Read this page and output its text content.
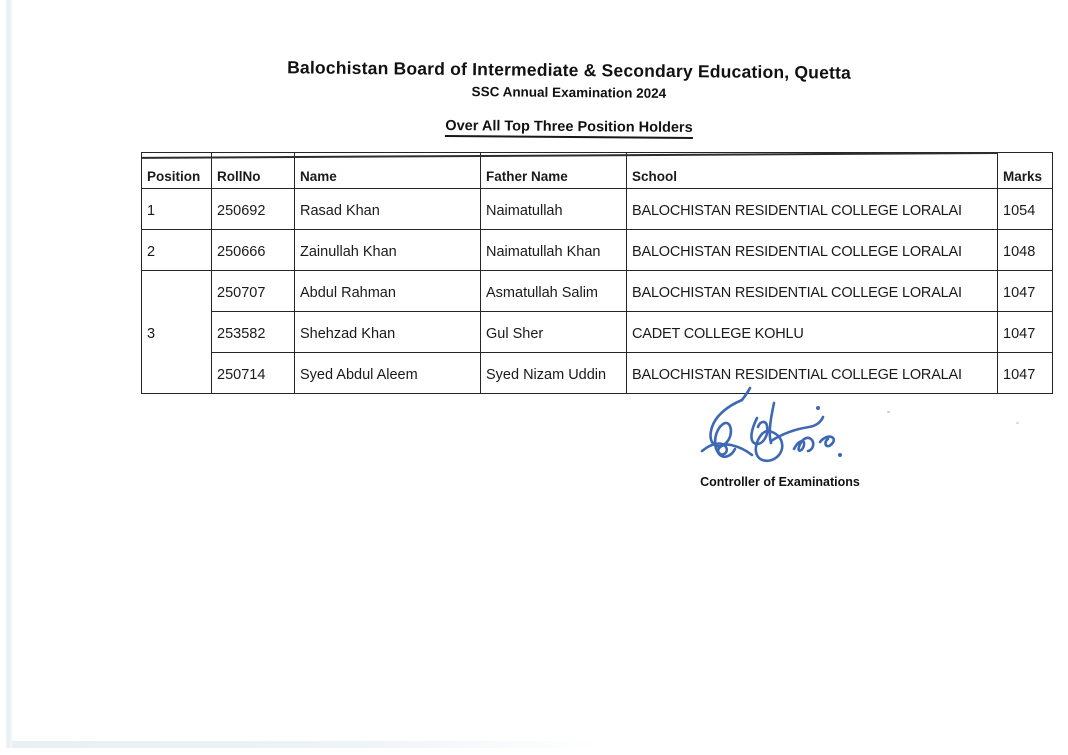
Balochistan Board of Intermediate & Secondary Education, Quetta
SSC Annual Examination 2024
Over All Top Three Position Holders
Position	RollNo	Name	Father Name	School	Marks
1	250692	Rasad Khan	Naimatullah	BALOCHISTAN RESIDENTIAL COLLEGE LORALAI	1054
2	250666	Zainullah Khan	Naimatullah Khan	BALOCHISTAN RESIDENTIAL COLLEGE LORALAI	1048
3	250707	Abdul Rahman	Asmatullah Salim	BALOCHISTAN RESIDENTIAL COLLEGE LORALAI	1047
	253582	Shehzad Khan	Gul Sher	CADET COLLEGE KOHLU	1047
	250714	Syed Abdul Aleem	Syed Nizam Uddin	BALOCHISTAN RESIDENTIAL COLLEGE LORALAI	1047
Controller of Examinations
